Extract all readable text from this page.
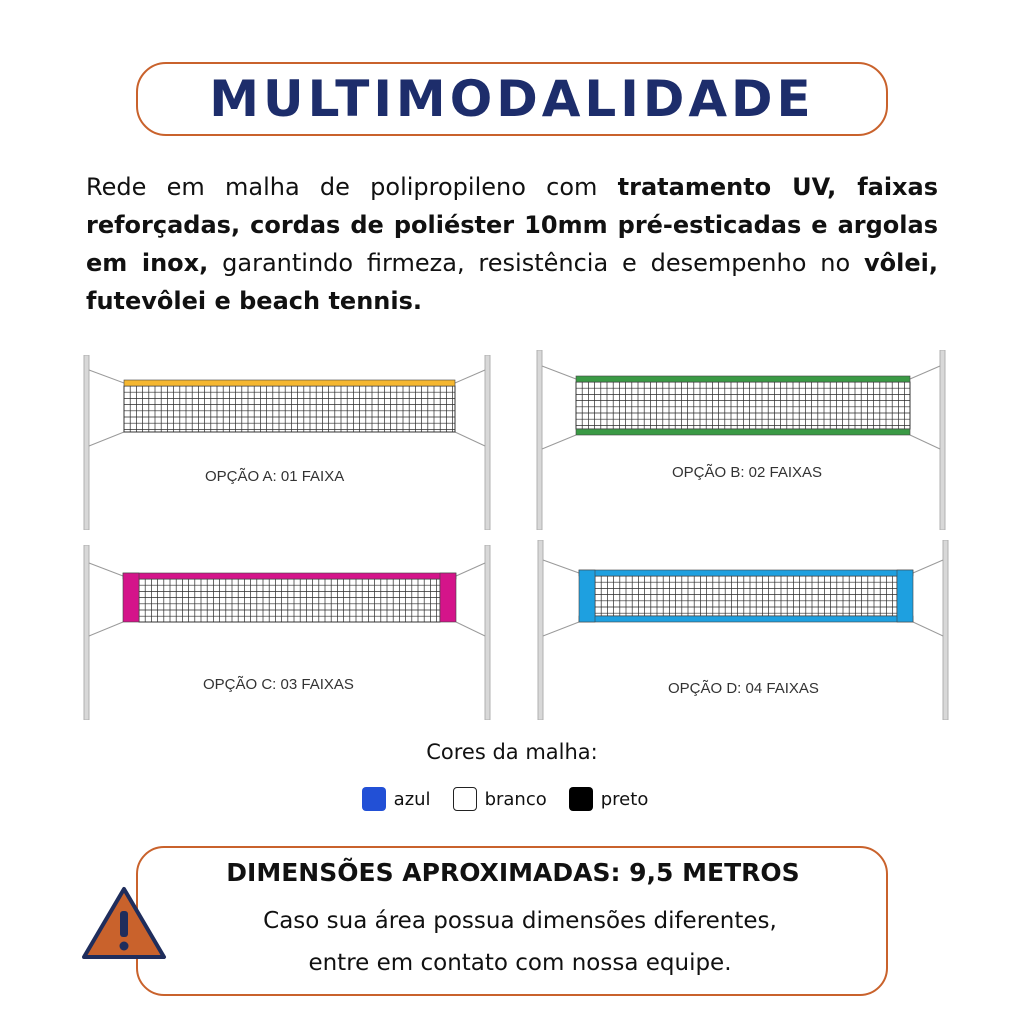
MULTIMODALIDADE
Rede em malha de polipropileno com tratamento UV, faixas reforçadas, cordas de poliéster 10mm pré-esticadas e argolas em inox, garantindo firmeza, resistência e desempenho no vôlei, futevôlei e beach tennis.
OPÇÃO A: 01 FAIXA	OPÇÃO B: 02 FAIXAS
OPÇÃO C: 03 FAIXAS	OPÇÃO D: 04 FAIXAS
Cores da malha:
azul	branco	preto
DIMENSÕES APROXIMADAS: 9,5 METROS
Caso sua área possua dimensões diferentes,
entre em contato com nossa equipe.
